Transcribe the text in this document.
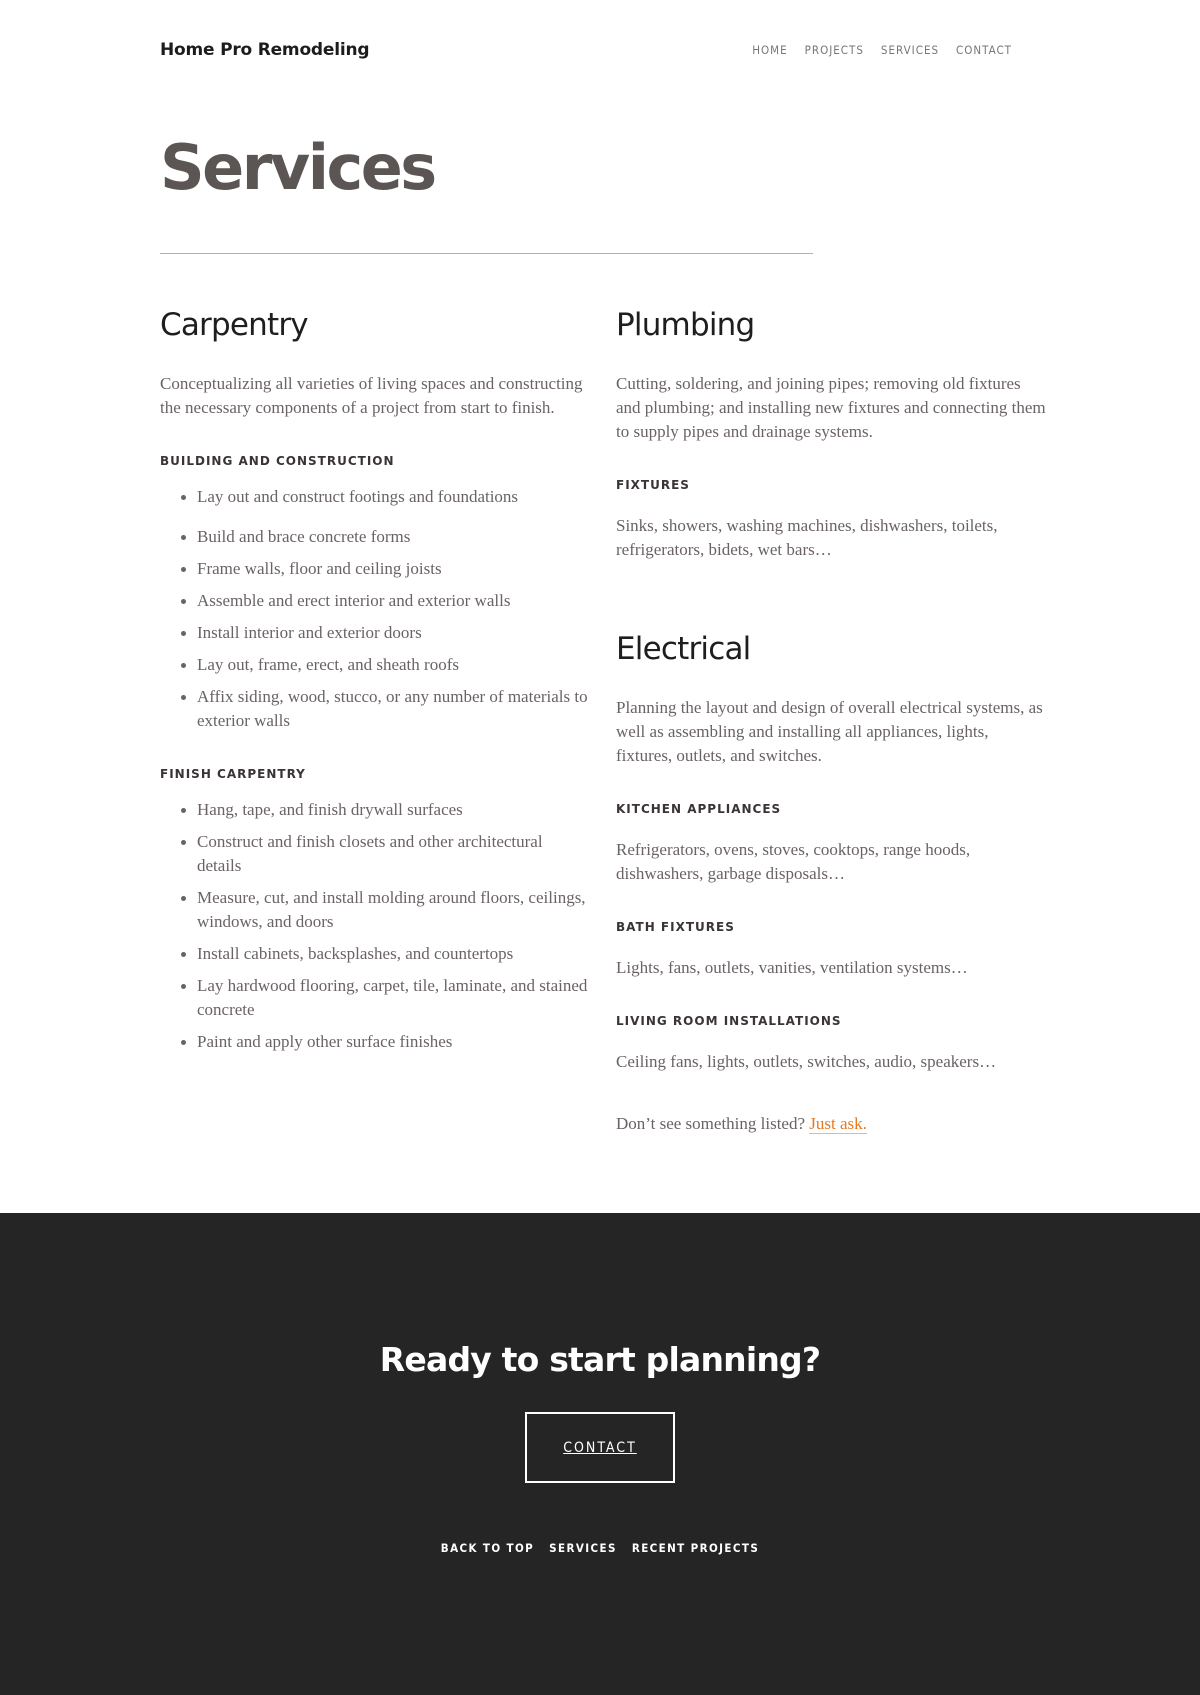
Home Pro Remodeling	HOME PROJECTS SERVICES CONTACT
Services
Carpentry

Conceptualizing all varieties of living spaces and constructing the necessary components of a project from start to finish.

BUILDING AND CONSTRUCTION
Lay out and construct footings and foundations
Build and brace concrete forms
Frame walls, floor and ceiling joists
Assemble and erect interior and exterior walls
Install interior and exterior doors
Lay out, frame, erect, and sheath roofs
Affix siding, wood, stucco, or any number of materials to exterior walls
FINISH CARPENTRY
Hang, tape, and finish drywall surfaces
Construct and finish closets and other architectural details
Measure, cut, and install molding around floors, ceilings, windows, and doors
Install cabinets, backsplashes, and countertops
Lay hardwood flooring, carpet, tile, laminate, and stained concrete
Paint and apply other surface finishes
Plumbing

Cutting, soldering, and joining pipes; removing old fixtures and plumbing; and installing new fixtures and connecting them to supply pipes and drainage systems.

FIXTURES

Sinks, showers, washing machines, dishwashers, toilets, refrigerators, bidets, wet bars…

Electrical

Planning the layout and design of overall electrical systems, as well as assembling and installing all appliances, lights, fixtures, outlets, and switches.

KITCHEN APPLIANCES

Refrigerators, ovens, stoves, cooktops, range hoods, dishwashers, garbage disposals…

BATH FIXTURES

Lights, fans, outlets, vanities, ventilation systems…

LIVING ROOM INSTALLATIONS

Ceiling fans, lights, outlets, switches, audio, speakers…

Don’t see something listed? Just ask.

Ready to start planning?
CONTACT
BACK TO TOP SERVICES RECENT PROJECTS
